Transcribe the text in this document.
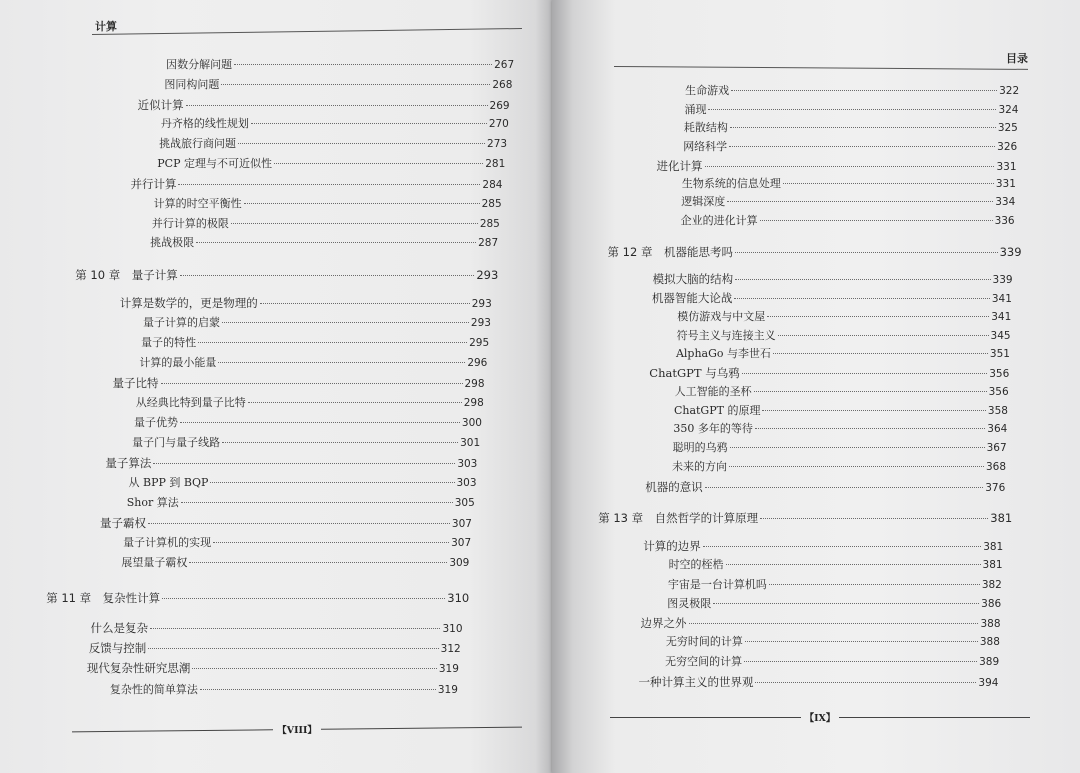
计算
因数分解问题	267
图同构问题	268
近似计算	269
丹齐格的线性规划	270
挑战旅行商问题	273
PCP 定理与不可近似性	281
并行计算	284
计算的时空平衡性	285
并行计算的极限	285
挑战极限	287
第 10 章　量子计算	293
计算是数学的，更是物理的	293
量子计算的启蒙	293
量子的特性	295
计算的最小能量	296
量子比特	298
从经典比特到量子比特	298
量子优势	300
量子门与量子线路	301
量子算法	303
从 BPP 到 BQP	303
Shor 算法	305
量子霸权	307
量子计算机的实现	307
展望量子霸权	309
第 11 章　复杂性计算	310
什么是复杂	310
反馈与控制	312
现代复杂性研究思潮	319
复杂性的简单算法	319
【VIII】
目录
生命游戏	322
涌现	324
耗散结构	325
网络科学	326
进化计算	331
生物系统的信息处理	331
逻辑深度	334
企业的进化计算	336
第 12 章　机器能思考吗	339
模拟大脑的结构	339
机器智能大论战	341
模仿游戏与中文屋	341
符号主义与连接主义	345
AlphaGo 与李世石	351
ChatGPT 与乌鸦	356
人工智能的圣杯	356
ChatGPT 的原理	358
350 多年的等待	364
聪明的乌鸦	367
未来的方向	368
机器的意识	376
第 13 章　自然哲学的计算原理	381
计算的边界	381
时空的桎梏	381
宇宙是一台计算机吗	382
图灵极限	386
边界之外	388
无穷时间的计算	388
无穷空间的计算	389
一种计算主义的世界观	394
【IX】
